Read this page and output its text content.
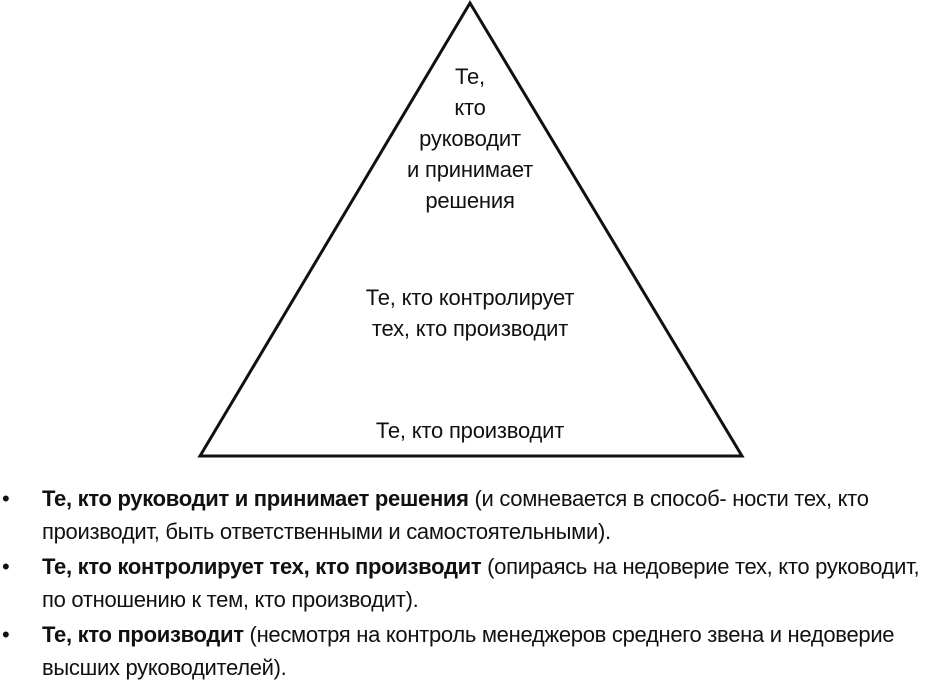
Те,
кто
руководит
и принимает
решения
Те, кто контролирует
тех, кто производит
Те, кто производит
• Те, кто руководит и принимает решения (и сомневается в способ- ности тех, кто производит, быть ответственными и самостоятельными).
• Те, кто контролирует тех, кто производит (опираясь на недоверие тех, кто руководит, по отношению к тем, кто производит).
• Те, кто производит (несмотря на контроль менеджеров среднего звена и недоверие высших руководителей).
